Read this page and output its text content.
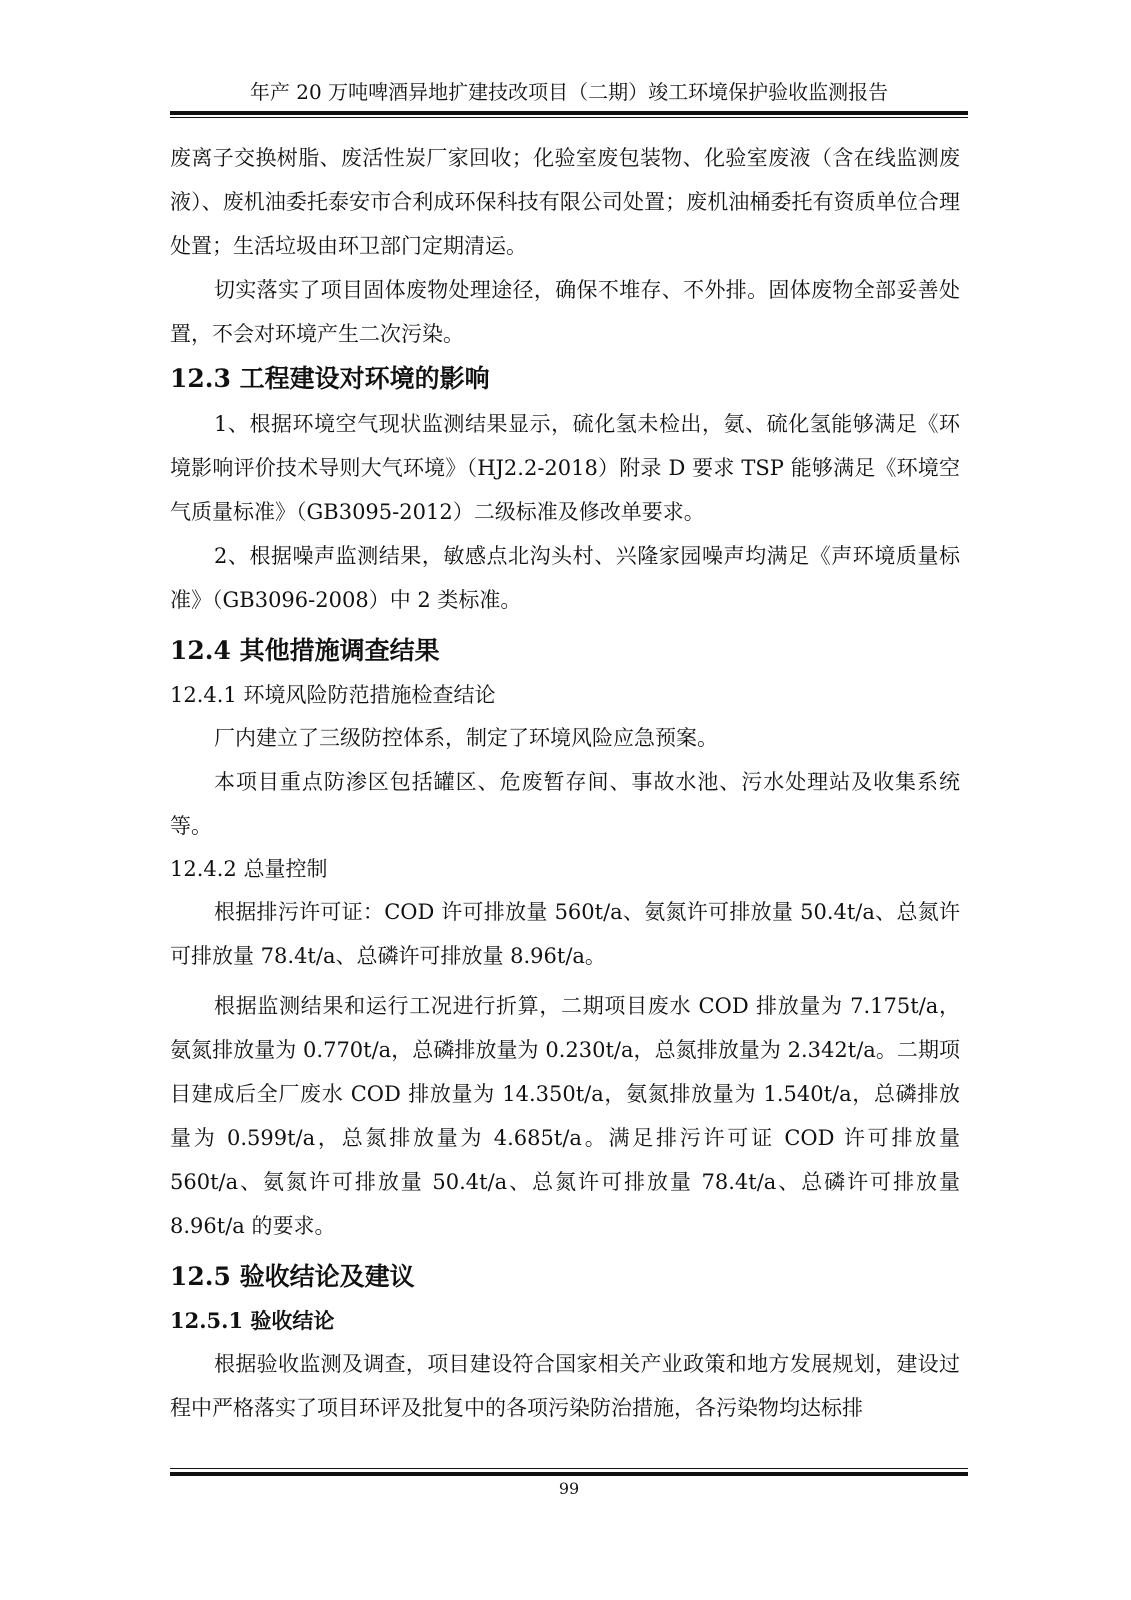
年产 20 万吨啤酒异地扩建技改项目（二期）竣工环境保护验收监测报告

废离子交换树脂、废活性炭厂家回收；化验室废包装物、化验室废液（含在线监测废液）、废机油委托泰安市合利成环保科技有限公司处置；废机油桶委托有资质单位合理处置；生活垃圾由环卫部门定期清运。

切实落实了项目固体废物处理途径，确保不堆存、不外排。固体废物全部妥善处置，不会对环境产生二次污染。

12.3 工程建设对环境的影响

1、根据环境空气现状监测结果显示，硫化氢未检出，氨、硫化氢能够满足《环境影响评价技术导则大气环境》（HJ2.2-2018）附录 D 要求 TSP 能够满足《环境空气质量标准》（GB3095-2012）二级标准及修改单要求。

2、根据噪声监测结果，敏感点北沟头村、兴隆家园噪声均满足《声环境质量标准》（GB3096-2008）中 2 类标准。

12.4 其他措施调查结果
12.4.1 环境风险防范措施检查结论

厂内建立了三级防控体系，制定了环境风险应急预案。

本项目重点防渗区包括罐区、危废暂存间、事故水池、污水处理站及收集系统等。

12.4.2 总量控制

根据排污许可证：COD 许可排放量 560t/a、氨氮许可排放量 50.4t/a、总氮许可排放量 78.4t/a、总磷许可排放量 8.96t/a。

根据监测结果和运行工况进行折算，二期项目废水 COD 排放量为 7.175t/a，氨氮排放量为 0.770t/a，总磷排放量为 0.230t/a，总氮排放量为 2.342t/a。二期项目建成后全厂废水 COD 排放量为 14.350t/a，氨氮排放量为 1.540t/a，总磷排放量为 0.599t/a，总氮排放量为 4.685t/a。满足排污许可证 COD 许可排放量 560t/a、氨氮许可排放量 50.4t/a、总氮许可排放量 78.4t/a、总磷许可排放量 8.96t/a 的要求。

12.5 验收结论及建议
12.5.1 验收结论

根据验收监测及调查，项目建设符合国家相关产业政策和地方发展规划，建设过程中严格落实了项目环评及批复中的各项污染防治措施，各污染物均达标排

99
